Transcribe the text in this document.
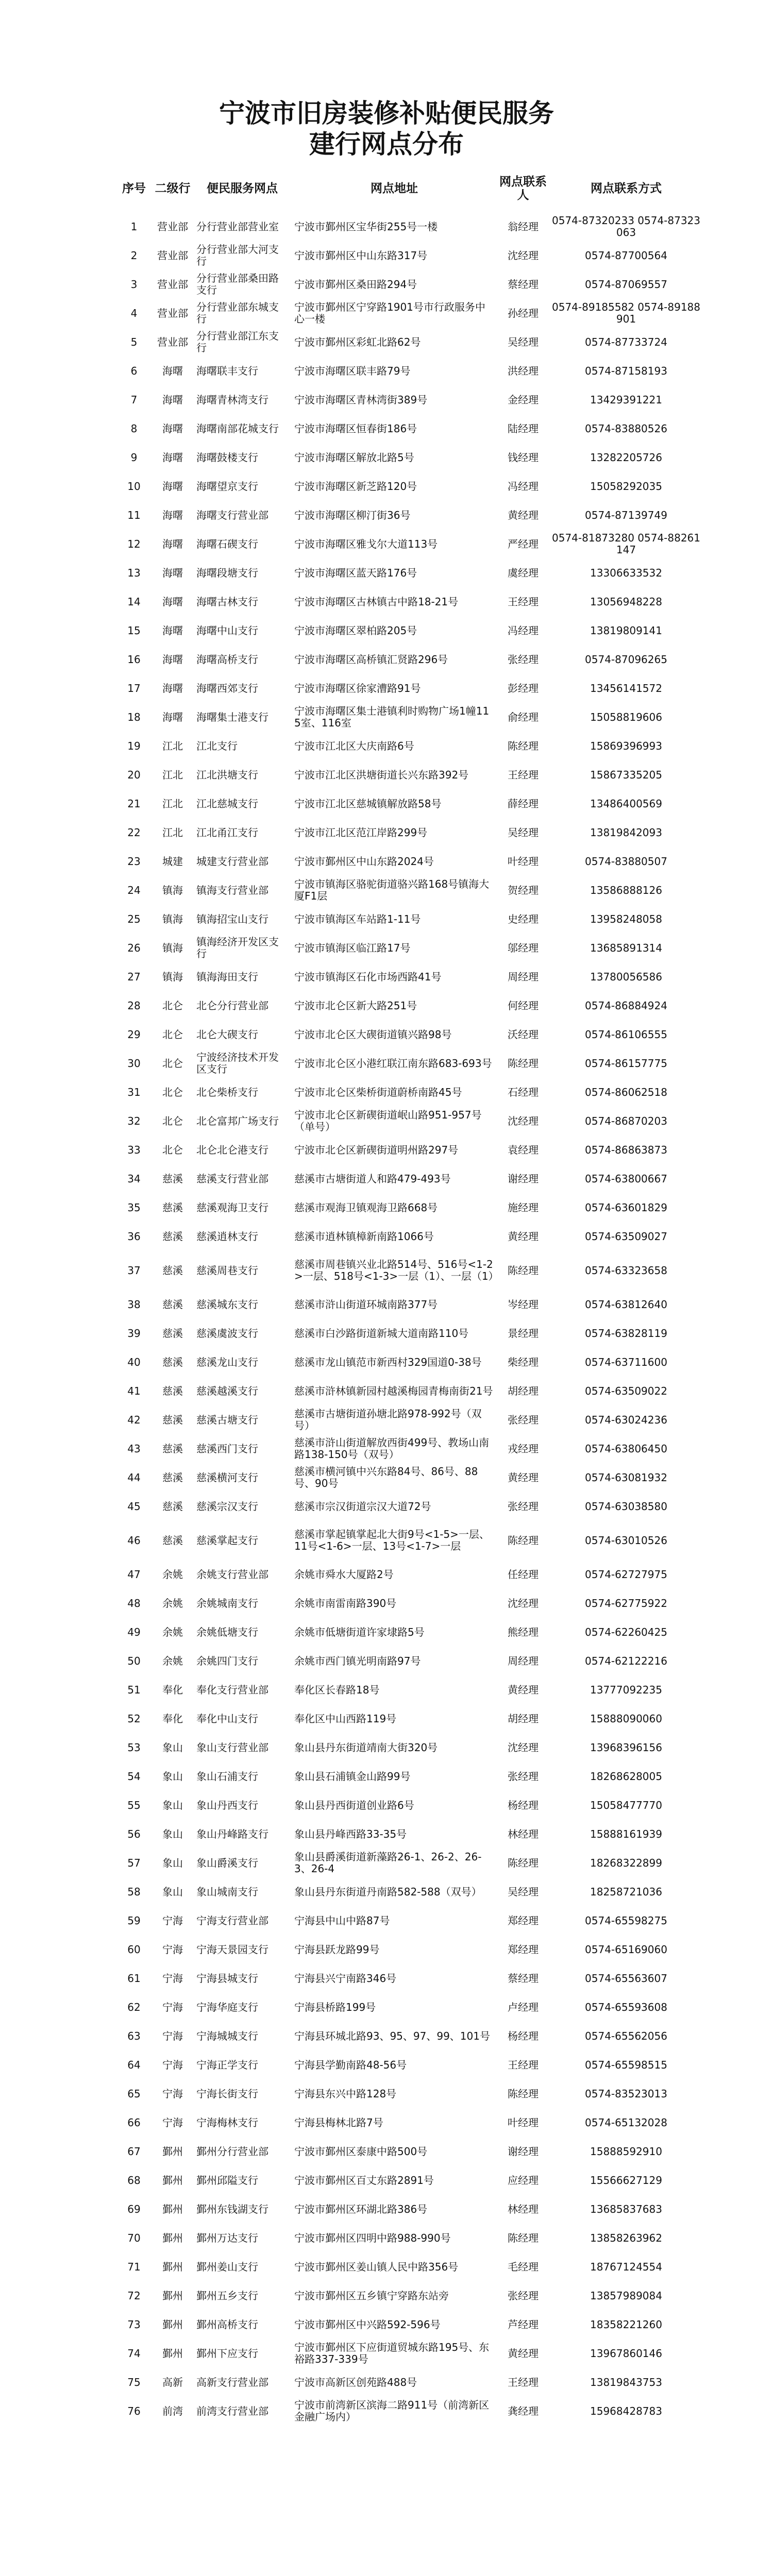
宁波市旧房装修补贴便民服务
建行网点分布
序号	二级行	便民服务网点	网点地址	网点联系人	网点联系方式
1	营业部	分行营业部营业室	宁波市鄞州区宝华街255号一楼	翁经理	0574-87320233 0574-87323063
2	营业部	分行营业部大河支行	宁波市鄞州区中山东路317号	沈经理	0574-87700564
3	营业部	分行营业部桑田路支行	宁波市鄞州区桑田路294号	蔡经理	0574-87069557
4	营业部	分行营业部东城支行	宁波市鄞州区宁穿路1901号市行政服务中心一楼	孙经理	0574-89185582 0574-89188901
5	营业部	分行营业部江东支行	宁波市鄞州区彩虹北路62号	吴经理	0574-87733724
6	海曙	海曙联丰支行	宁波市海曙区联丰路79号	洪经理	0574-87158193
7	海曙	海曙青林湾支行	宁波市海曙区青林湾街389号	金经理	13429391221
8	海曙	海曙南部花城支行	宁波市海曙区恒春街186号	陆经理	0574-83880526
9	海曙	海曙鼓楼支行	宁波市海曙区解放北路5号	钱经理	13282205726
10	海曙	海曙望京支行	宁波市海曙区新芝路120号	冯经理	15058292035
11	海曙	海曙支行营业部	宁波市海曙区柳汀街36号	黄经理	0574-87139749
12	海曙	海曙石碶支行	宁波市海曙区雅戈尔大道113号	严经理	0574-81873280 0574-88261147
13	海曙	海曙段塘支行	宁波市海曙区蓝天路176号	虞经理	13306633532
14	海曙	海曙古林支行	宁波市海曙区古林镇古中路18-21号	王经理	13056948228
15	海曙	海曙中山支行	宁波市海曙区翠柏路205号	冯经理	13819809141
16	海曙	海曙高桥支行	宁波市海曙区高桥镇汇贤路296号	张经理	0574-87096265
17	海曙	海曙西郊支行	宁波市海曙区徐家漕路91号	彭经理	13456141572
18	海曙	海曙集士港支行	宁波市海曙区集士港镇利时购物广场1幢115室、116室	俞经理	15058819606
19	江北	江北支行	宁波市江北区大庆南路6号	陈经理	15869396993
20	江北	江北洪塘支行	宁波市江北区洪塘街道长兴东路392号	王经理	15867335205
21	江北	江北慈城支行	宁波市江北区慈城镇解放路58号	薛经理	13486400569
22	江北	江北甬江支行	宁波市江北区范江岸路299号	吴经理	13819842093
23	城建	城建支行营业部	宁波市鄞州区中山东路2024号	叶经理	0574-83880507
24	镇海	镇海支行营业部	宁波市镇海区骆驼街道骆兴路168号镇海大厦F1层	贺经理	13586888126
25	镇海	镇海招宝山支行	宁波市镇海区车站路1-11号	史经理	13958248058
26	镇海	镇海经济开发区支行	宁波市镇海区临江路17号	邬经理	13685891314
27	镇海	镇海海田支行	宁波市镇海区石化市场西路41号	周经理	13780056586
28	北仑	北仑分行营业部	宁波市北仑区新大路251号	何经理	0574-86884924
29	北仑	北仑大碶支行	宁波市北仑区大碶街道镇兴路98号	沃经理	0574-86106555
30	北仑	宁波经济技术开发区支行	宁波市北仑区小港红联江南东路683-693号	陈经理	0574-86157775
31	北仑	北仑柴桥支行	宁波市北仑区柴桥街道蔚桥南路45号	石经理	0574-86062518
32	北仑	北仑富邦广场支行	宁波市北仑区新碶街道岷山路951-957号（单号）	沈经理	0574-86870203
33	北仑	北仑北仑港支行	宁波市北仑区新碶街道明州路297号	袁经理	0574-86863873
34	慈溪	慈溪支行营业部	慈溪市古塘街道人和路479-493号	谢经理	0574-63800667
35	慈溪	慈溪观海卫支行	慈溪市观海卫镇观海卫路668号	施经理	0574-63601829
36	慈溪	慈溪逍林支行	慈溪市逍林镇樟新南路1066号	黄经理	0574-63509027
37	慈溪	慈溪周巷支行	慈溪市周巷镇兴业北路514号、516号<1-2>一层、518号<1-3>一层（1）、一层（1）	陈经理	0574-63323658
38	慈溪	慈溪城东支行	慈溪市浒山街道环城南路377号	岑经理	0574-63812640
39	慈溪	慈溪虞波支行	慈溪市白沙路街道新城大道南路110号	景经理	0574-63828119
40	慈溪	慈溪龙山支行	慈溪市龙山镇范市新西村329国道0-38号	柴经理	0574-63711600
41	慈溪	慈溪越溪支行	慈溪市浒林镇新园村越溪梅园青梅南街21号	胡经理	0574-63509022
42	慈溪	慈溪古塘支行	慈溪市古塘街道孙塘北路978-992号（双号）	张经理	0574-63024236
43	慈溪	慈溪西门支行	慈溪市浒山街道解放西街499号、教场山南路138-150号（双号）	戎经理	0574-63806450
44	慈溪	慈溪横河支行	慈溪市横河镇中兴东路84号、86号、88号、90号	黄经理	0574-63081932
45	慈溪	慈溪宗汉支行	慈溪市宗汉街道宗汉大道72号	张经理	0574-63038580
46	慈溪	慈溪掌起支行	慈溪市掌起镇掌起北大街9号<1-5>一层、11号<1-6>一层、13号<1-7>一层	陈经理	0574-63010526
47	余姚	余姚支行营业部	余姚市舜水大厦路2号	任经理	0574-62727975
48	余姚	余姚城南支行	余姚市南雷南路390号	沈经理	0574-62775922
49	余姚	余姚低塘支行	余姚市低塘街道许家埭路5号	熊经理	0574-62260425
50	余姚	余姚四门支行	余姚市西门镇光明南路97号	周经理	0574-62122216
51	奉化	奉化支行营业部	奉化区长春路18号	黄经理	13777092235
52	奉化	奉化中山支行	奉化区中山西路119号	胡经理	15888090060
53	象山	象山支行营业部	象山县丹东街道靖南大街320号	沈经理	13968396156
54	象山	象山石浦支行	象山县石浦镇金山路99号	张经理	18268628005
55	象山	象山丹西支行	象山县丹西街道创业路6号	杨经理	15058477770
56	象山	象山丹峰路支行	象山县丹峰西路33-35号	林经理	15888161939
57	象山	象山爵溪支行	象山县爵溪街道新藻路26-1、26-2、26-3、26-4	陈经理	18268322899
58	象山	象山城南支行	象山县丹东街道丹南路582-588（双号）	吴经理	18258721036
59	宁海	宁海支行营业部	宁海县中山中路87号	郑经理	0574-65598275
60	宁海	宁海天景园支行	宁海县跃龙路99号	郑经理	0574-65169060
61	宁海	宁海县城支行	宁海县兴宁南路346号	蔡经理	0574-65563607
62	宁海	宁海华庭支行	宁海县桥路199号	卢经理	0574-65593608
63	宁海	宁海城城支行	宁海县环城北路93、95、97、99、101号	杨经理	0574-65562056
64	宁海	宁海正学支行	宁海县学勤南路48-56号	王经理	0574-65598515
65	宁海	宁海长街支行	宁海县东兴中路128号	陈经理	0574-83523013
66	宁海	宁海梅林支行	宁海县梅林北路7号	叶经理	0574-65132028
67	鄞州	鄞州分行营业部	宁波市鄞州区泰康中路500号	谢经理	15888592910
68	鄞州	鄞州邱隘支行	宁波市鄞州区百丈东路2891号	应经理	15566627129
69	鄞州	鄞州东钱湖支行	宁波市鄞州区环湖北路386号	林经理	13685837683
70	鄞州	鄞州万达支行	宁波市鄞州区四明中路988-990号	陈经理	13858263962
71	鄞州	鄞州姜山支行	宁波市鄞州区姜山镇人民中路356号	毛经理	18767124554
72	鄞州	鄞州五乡支行	宁波市鄞州区五乡镇宁穿路东站旁	张经理	13857989084
73	鄞州	鄞州高桥支行	宁波市鄞州区中兴路592-596号	芦经理	18358221260
74	鄞州	鄞州下应支行	宁波市鄞州区下应街道贸城东路195号、东裕路337-339号	黄经理	13967860146
75	高新	高新支行营业部	宁波市高新区创苑路488号	王经理	13819843753
76	前湾	前湾支行营业部	宁波市前湾新区滨海二路911号（前湾新区金融广场内）	龚经理	15968428783
